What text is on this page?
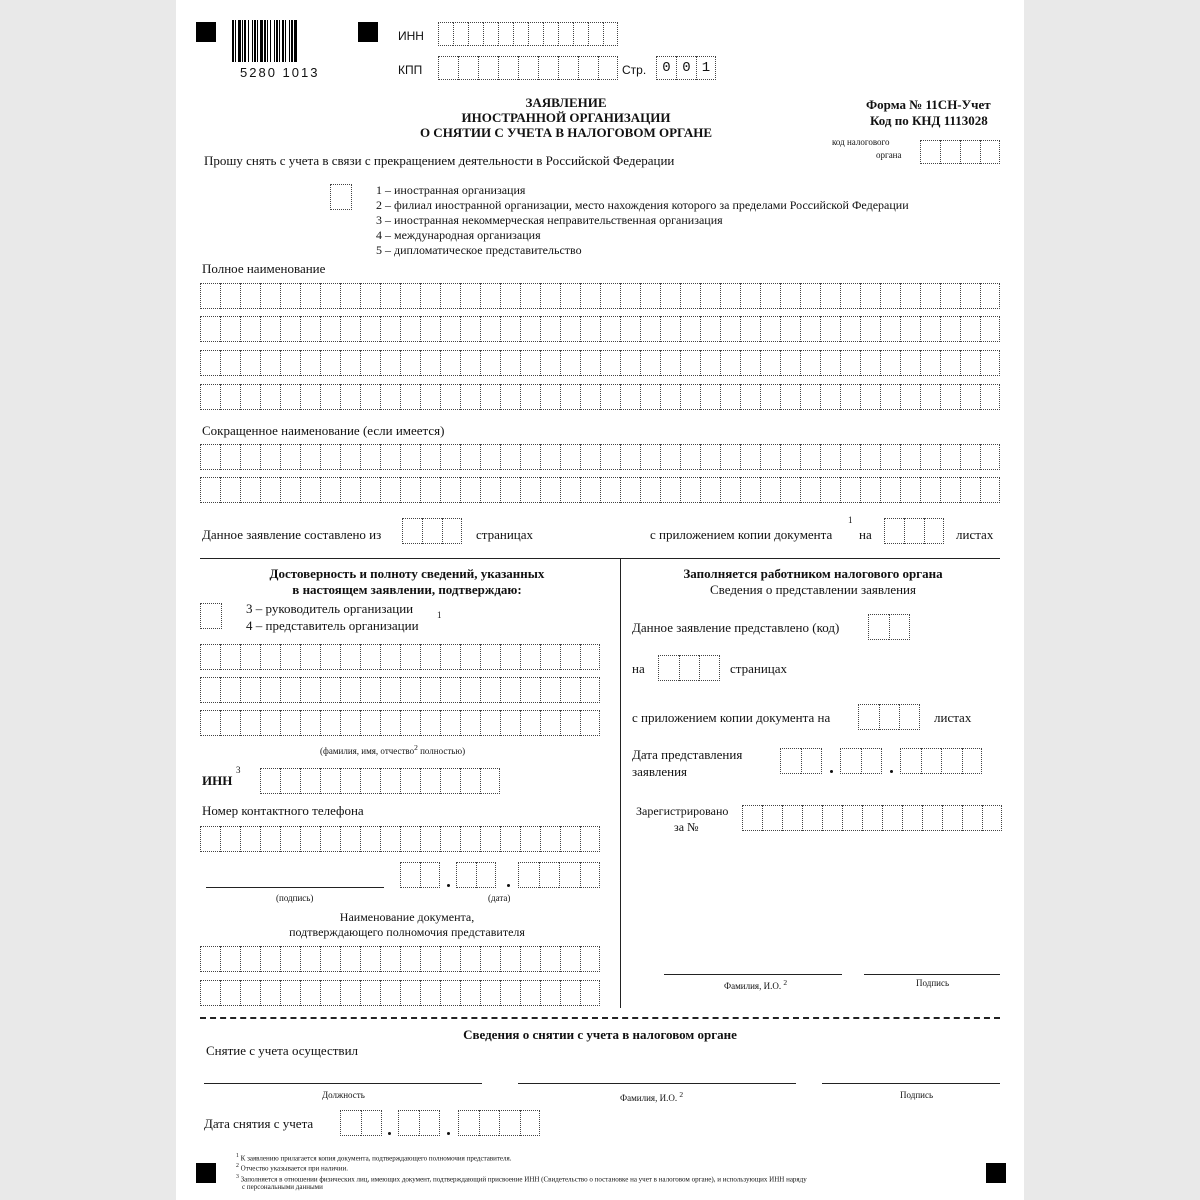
5280 1013
ИНН
КПП	Стр.	0 0 1
ЗАЯВЛЕНИЕ
ИНОСТРАННОЙ ОРГАНИЗАЦИИ
О СНЯТИИ С УЧЕТА В НАЛОГОВОМ ОРГАНЕ
Форма № 11СН-Учет
Код по КНД 1113028
код налогового
органа
Прошу снять с учета в связи с прекращением деятельности в Российской Федерации
1 – иностранная организация
2 – филиал иностранной организации, место нахождения которого за пределами Российской Федерации
3 – иностранная некоммерческая неправительственная организация
4 – международная организация
5 – дипломатическое представительство
Полное наименование
Сокращенное наименование (если имеется)
Данное заявление составлено из	страницах	с приложением копии документа
1
на	листах
Достоверность и полноту сведений, указанных
в настоящем заявлении, подтверждаю:
3 – руководитель организации
4 – представитель организации
1
(фамилия, имя, отчество$^2$ полностью)
ИНН
3
Номер контактного телефона
(подпись)	(дата)
Наименование документа,
подтверждающего полномочия представителя
Заполняется работником налогового органа
Сведения о представлении заявления
Данное заявление представлено (код)
на	страницах
с приложением копии документа на	листах
Дата представления
заявления
Зарегистрировано
за №
Фамилия, И.О. $^2$	Подпись
Сведения о снятии с учета в налоговом органе
Снятие с учета осуществил
Должность	Фамилия, И.О. $^2$	Подпись
Дата снятия с учета
$^1$ К заявлению прилагается копия документа, подтверждающего полномочия представителя.
$^2$ Отчество указывается при наличии.
$^3$ Заполняется в отношении физических лиц, имеющих документ, подтверждающий присвоение ИНН (Свидетельство о постановке на учет в налоговом органе), и использующих ИНН наряду
с персональными данными
